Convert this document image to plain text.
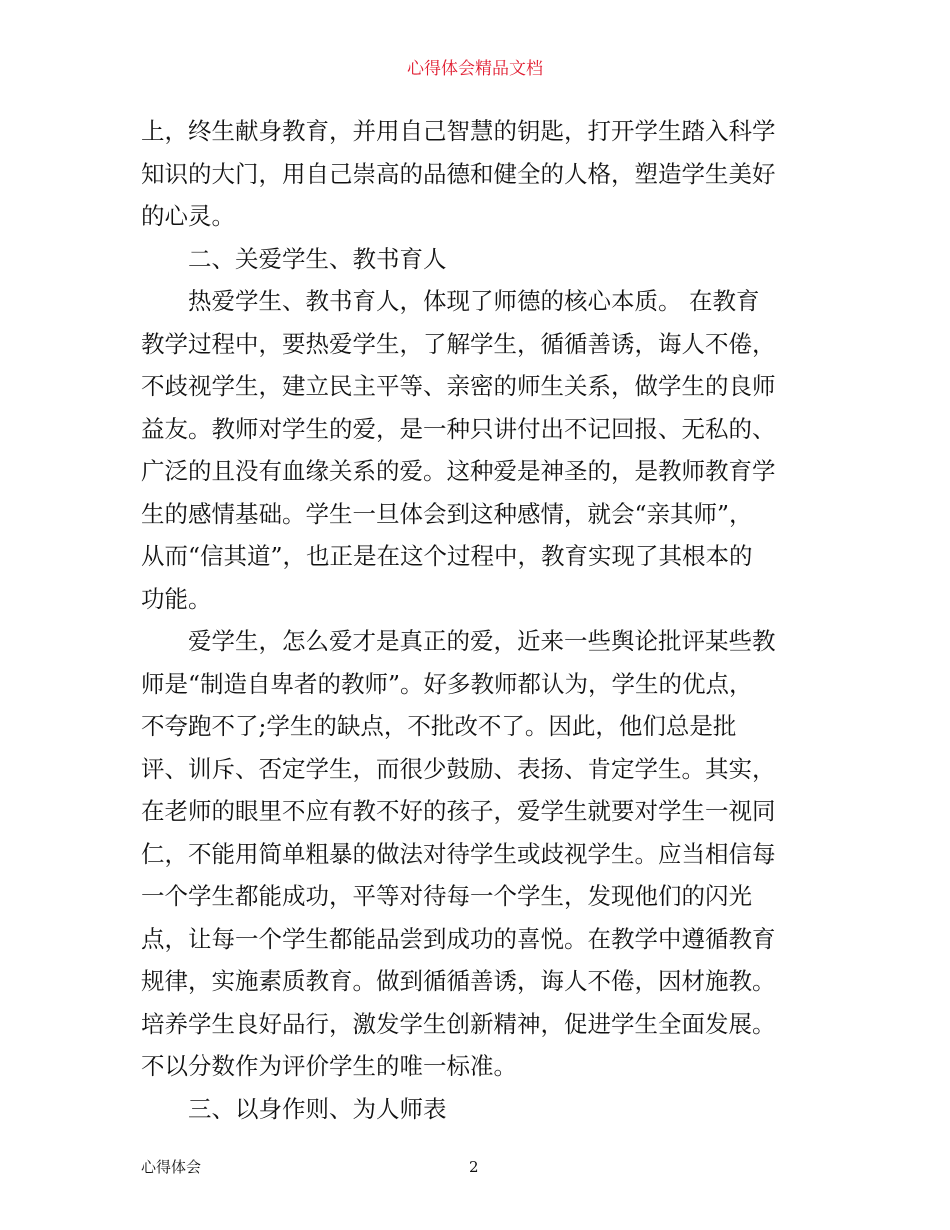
心得体会精品文档
上，终生献身教育，并用自己智慧的钥匙，打开学生踏入科学
知识的大门，用自己崇高的品德和健全的人格，塑造学生美好
的心灵。
二、关爱学生、教书育人
热爱学生、教书育人，体现了师德的核心本质。 在教育
教学过程中，要热爱学生，了解学生，循循善诱，诲人不倦，
不歧视学生，建立民主平等、亲密的师生关系，做学生的良师
益友。教师对学生的爱，是一种只讲付出不记回报、无私的、
广泛的且没有血缘关系的爱。这种爱是神圣的，是教师教育学
生的感情基础。学生一旦体会到这种感情，就会“亲其师”，
从而“信其道”，也正是在这个过程中，教育实现了其根本的
功能。
爱学生，怎么爱才是真正的爱，近来一些舆论批评某些教
师是“制造自卑者的教师”。好多教师都认为，学生的优点，
不夸跑不了;学生的缺点，不批改不了。因此，他们总是批
评、训斥、否定学生，而很少鼓励、表扬、肯定学生。其实，
在老师的眼里不应有教不好的孩子，爱学生就要对学生一视同
仁，不能用简单粗暴的做法对待学生或歧视学生。应当相信每
一个学生都能成功，平等对待每一个学生，发现他们的闪光
点，让每一个学生都能品尝到成功的喜悦。在教学中遵循教育
规律，实施素质教育。做到循循善诱，诲人不倦，因材施教。
培养学生良好品行，激发学生创新精神，促进学生全面发展。
不以分数作为评价学生的唯一标准。
三、以身作则、为人师表
心得体会	2
